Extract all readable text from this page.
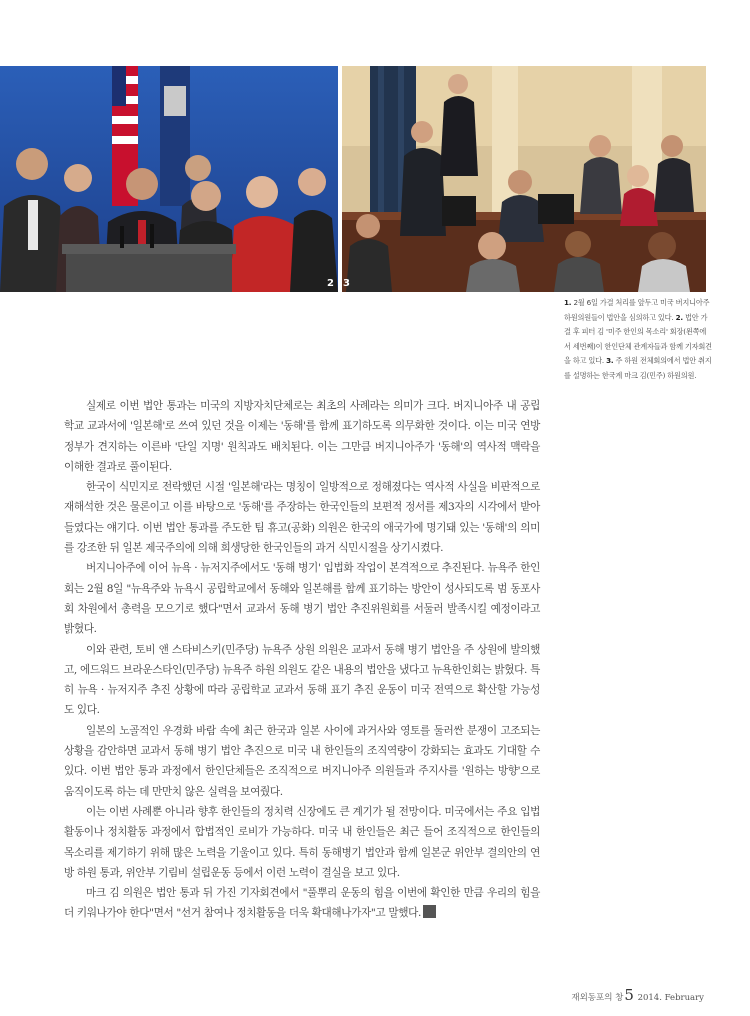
2 3
1. 2월 6일 가결 처리를 앞두고 미국 버지니아주 하원의원들이 법안을 심의하고 있다. 2. 법안 가결 후 피터 김 '미주 한인의 목소리' 회장(왼쪽에서 세번째)이 한인단체 관계자들과 함께 기자회견을 하고 있다. 3. 주 하원 전체회의에서 법안 취지를 설명하는 한국계 마크 김(민주) 하원의원.

실제로 이번 법안 통과는 미국의 지방자치단체로는 최초의 사례라는 의미가 크다. 버지니아주 내 공립학교 교과서에 '일본해'로 쓰여 있던 것을 이제는 '동해'를 함께 표기하도록 의무화한 것이다. 이는 미국 연방정부가 견지하는 이른바 '단일 지명' 원칙과도 배치된다. 이는 그만큼 버지니아주가 '동해'의 역사적 맥락을 이해한 결과로 풀이된다.

한국이 식민지로 전락했던 시절 '일본해'라는 명칭이 일방적으로 정해졌다는 역사적 사실을 비판적으로 재해석한 것은 물론이고 이를 바탕으로 '동해'를 주장하는 한국인들의 보편적 정서를 제3자의 시각에서 받아들였다는 얘기다. 이번 법안 통과를 주도한 팀 휴고(공화) 의원은 한국의 애국가에 명기돼 있는 '동해'의 의미를 강조한 뒤 일본 제국주의에 의해 희생당한 한국인들의 과거 식민시절을 상기시켰다.

버지니아주에 이어 뉴욕 · 뉴저지주에서도 '동해 병기' 입법화 작업이 본격적으로 추진된다. 뉴욕주 한인회는 2월 8일 "뉴욕주와 뉴욕시 공립학교에서 동해와 일본해를 함께 표기하는 방안이 성사되도록 범 동포사회 차원에서 총력을 모으기로 했다"면서 교과서 동해 병기 법안 추진위원회를 서둘러 발족시킬 예정이라고 밝혔다.

이와 관련, 토비 앤 스타비스키(민주당) 뉴욕주 상원 의원은 교과서 동해 병기 법안을 주 상원에 발의했고, 에드워드 브라운스타인(민주당) 뉴욕주 하원 의원도 같은 내용의 법안을 냈다고 뉴욕한인회는 밝혔다. 특히 뉴욕 · 뉴저지주 추진 상황에 따라 공립학교 교과서 동해 표기 추진 운동이 미국 전역으로 확산할 가능성도 있다.

일본의 노골적인 우경화 바람 속에 최근 한국과 일본 사이에 과거사와 영토를 둘러싼 분쟁이 고조되는 상황을 감안하면 교과서 동해 병기 법안 추진으로 미국 내 한인들의 조직역량이 강화되는 효과도 기대할 수 있다. 이번 법안 통과 과정에서 한인단체들은 조직적으로 버지니아주 의원들과 주지사를 '원하는 방향'으로 움직이도록 하는 데 만만치 않은 실력을 보여줬다.

이는 이번 사례뿐 아니라 향후 한인들의 정치력 신장에도 큰 계기가 될 전망이다. 미국에서는 주요 입법 활동이나 정치활동 과정에서 합법적인 로비가 가능하다. 미국 내 한인들은 최근 들어 조직적으로 한인들의 목소리를 제기하기 위해 많은 노력을 기울이고 있다. 특히 동해병기 법안과 함께 일본군 위안부 결의안의 연방 하원 통과, 위안부 기림비 설립운동 등에서 이런 노력이 결실을 보고 있다.

마크 김 의원은 법안 통과 뒤 가진 기자회견에서 "풀뿌리 운동의 힘을 이번에 확인한 만큼 우리의 힘을 더 키워나가야 한다"면서 "선거 참여나 정치활동을 더욱 확대해나가자"고 말했다.

재외동포의 창5 2014. February
